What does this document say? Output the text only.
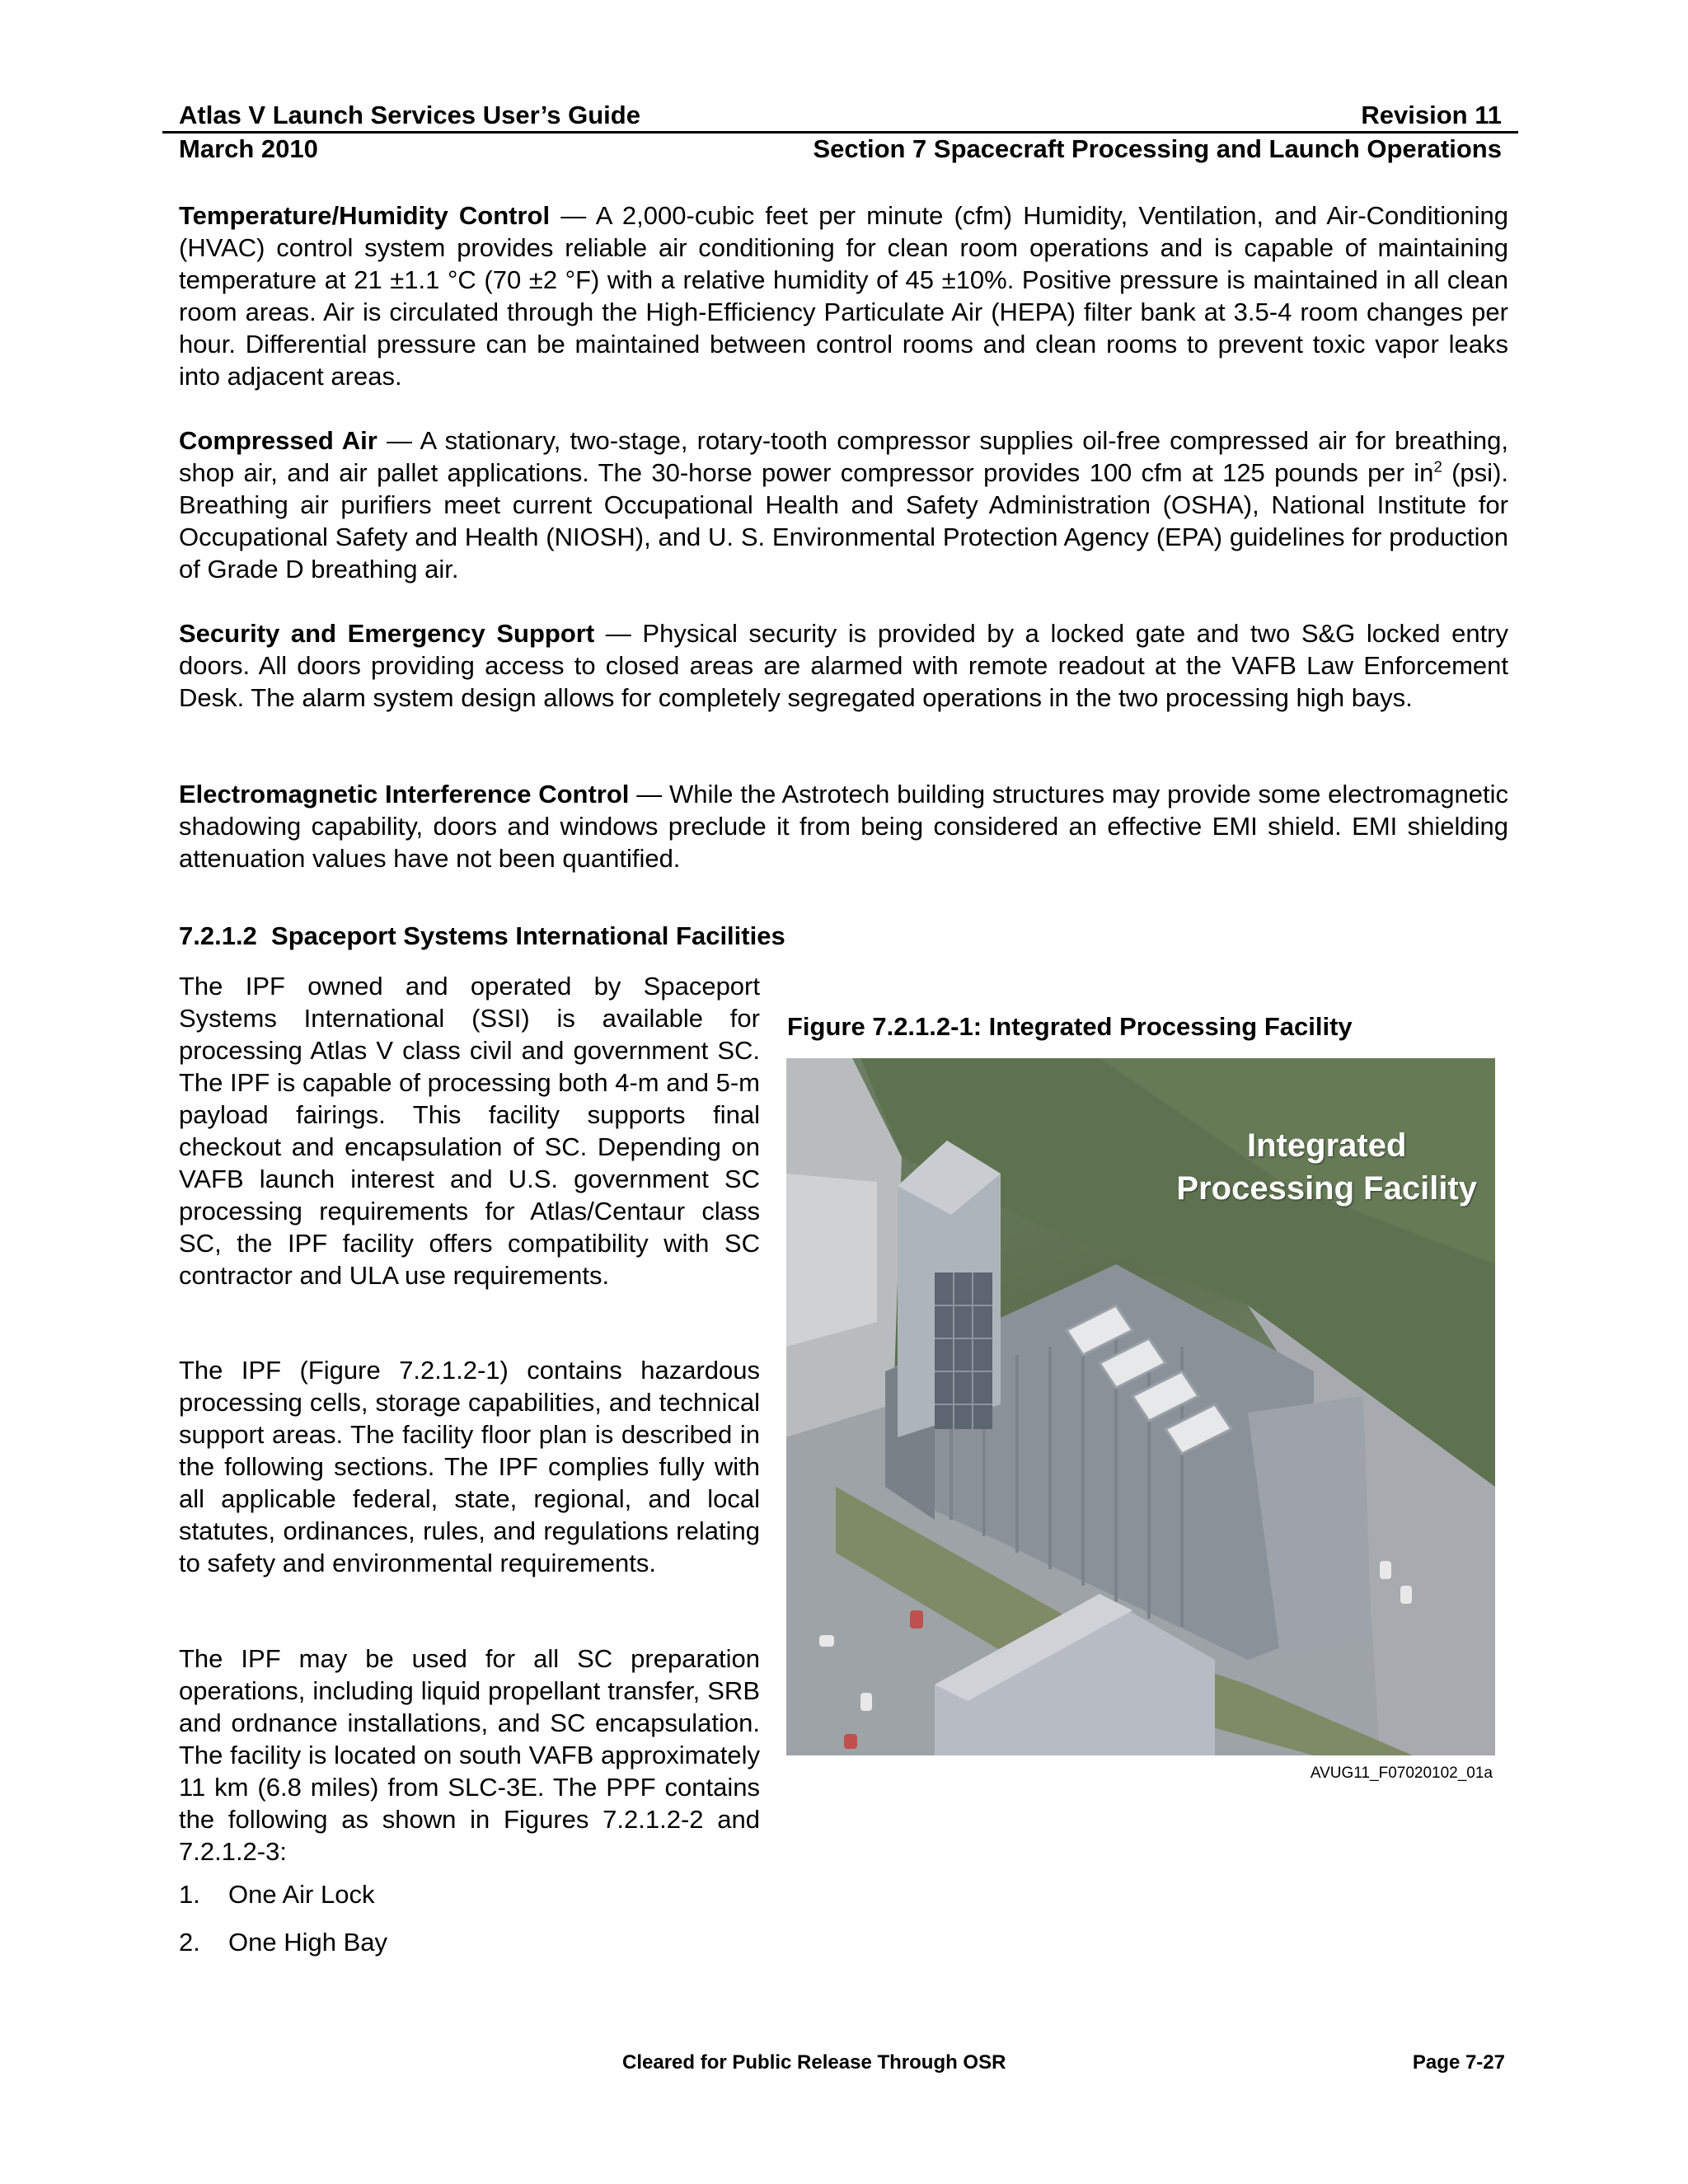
Atlas V Launch Services User’s Guide	Revision 11
March 2010	Section 7 Spacecraft Processing and Launch Operations
Temperature/Humidity Control — A 2,000-cubic feet per minute (cfm) Humidity, Ventilation, and Air-Conditioning (HVAC) control system provides reliable air conditioning for clean room operations and is capable of maintaining temperature at 21 ±1.1 °C (70 ±2 °F) with a relative humidity of 45 ±10%. Positive pressure is maintained in all clean room areas. Air is circulated through the High-Efficiency Particulate Air (HEPA) filter bank at 3.5-4 room changes per hour. Differential pressure can be maintained between control rooms and clean rooms to prevent toxic vapor leaks into adjacent areas.
Compressed Air — A stationary, two-stage, rotary-tooth compressor supplies oil-free compressed air for breathing, shop air, and air pallet applications. The 30-horse power compressor provides 100 cfm at 125 pounds per $in^2$ (psi). Breathing air purifiers meet current Occupational Health and Safety Administration (OSHA), National Institute for Occupational Safety and Health (NIOSH), and U. S. Environmental Protection Agency (EPA) guidelines for production of Grade D breathing air.
Security and Emergency Support — Physical security is provided by a locked gate and two S&G locked entry doors. All doors providing access to closed areas are alarmed with remote readout at the VAFB Law Enforcement Desk. The alarm system design allows for completely segregated operations in the two processing high bays.
Electromagnetic Interference Control — While the Astrotech building structures may provide some electromagnetic shadowing capability, doors and windows preclude it from being considered an effective EMI shield. EMI shielding attenuation values have not been quantified.
7.2.1.2 Spaceport Systems International Facilities
The IPF owned and operated by Spaceport Systems International (SSI) is available for processing Atlas V class civil and government SC. The IPF is capable of processing both 4-m and 5-m payload fairings. This facility supports final checkout and encapsulation of SC. Depending on VAFB launch interest and U.S. government SC processing requirements for Atlas/Centaur class SC, the IPF facility offers compatibility with SC contractor and ULA use requirements.
The IPF (Figure 7.2.1.2-1) contains hazardous processing cells, storage capabilities, and technical support areas. The facility floor plan is described in the following sections. The IPF complies fully with all applicable federal, state, regional, and local statutes, ordinances, rules, and regulations relating to safety and environmental requirements.
The IPF may be used for all SC preparation operations, including liquid propellant transfer, SRB and ordnance installations, and SC encapsulation. The facility is located on south VAFB approximately 11 km (6.8 miles) from SLC-3E. The PPF contains the following as shown in Figures 7.2.1.2-2 and 7.2.1.2-3:
1. One Air Lock
2. One High Bay
Figure 7.2.1.2-1: Integrated Processing Facility
Integrated
Processing Facility
AVUG11_F07020102_01a
Cleared for Public Release Through OSR	Page 7-27
